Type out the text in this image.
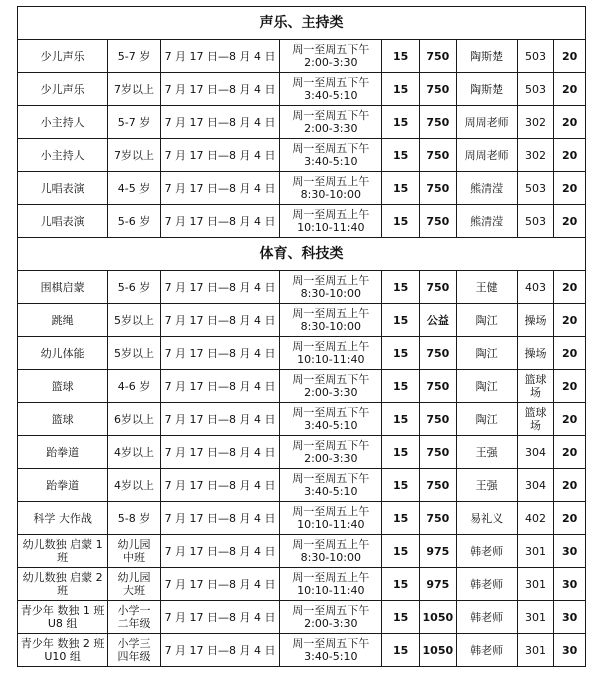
声乐、主持类								
少儿声乐	5-7 岁	7 月 17 日—8 月 4 日	周一至周五下午 2:00-3:30	15	750	陶斯楚	503	20
少儿声乐	7岁以上	7 月 17 日—8 月 4 日	周一至周五下午 3:40-5:10	15	750	陶斯楚	503	20
小主持人	5-7 岁	7 月 17 日—8 月 4 日	周一至周五下午 2:00-3:30	15	750	周周老师	302	20
小主持人	7岁以上	7 月 17 日—8 月 4 日	周一至周五下午 3:40-5:10	15	750	周周老师	302	20
儿唱表演	4-5 岁	7 月 17 日—8 月 4 日	周一至周五上午 8:30-10:00	15	750	熊清滢	503	20
儿唱表演	5-6 岁	7 月 17 日—8 月 4 日	周一至周五上午 10:10-11:40	15	750	熊清滢	503	20
体育、科技类								
围棋启蒙	5-6 岁	7 月 17 日—8 月 4 日	周一至周五上午 8:30-10:00	15	750	王健	403	20
跳绳	5岁以上	7 月 17 日—8 月 4 日	周一至周五上午 8:30-10:00	15	公益	陶江	操场	20
幼儿体能	5岁以上	7 月 17 日—8 月 4 日	周一至周五上午 10:10-11:40	15	750	陶江	操场	20
篮球	4-6 岁	7 月 17 日—8 月 4 日	周一至周五下午 2:00-3:30	15	750	陶江	篮球场	20
篮球	6岁以上	7 月 17 日—8 月 4 日	周一至周五下午 3:40-5:10	15	750	陶江	篮球场	20
跆拳道	4岁以上	7 月 17 日—8 月 4 日	周一至周五下午 2:00-3:30	15	750	王强	304	20
跆拳道	4岁以上	7 月 17 日—8 月 4 日	周一至周五下午 3:40-5:10	15	750	王强	304	20
科学 大作战	5-8 岁	7 月 17 日—8 月 4 日	周一至周五上午 10:10-11:40	15	750	易礼义	402	20
幼儿数独 启蒙 1 班	幼儿园 中班	7 月 17 日—8 月 4 日	周一至周五上午 8:30-10:00	15	975	韩老师	301	30
幼儿数独 启蒙 2 班	幼儿园 大班	7 月 17 日—8 月 4 日	周一至周五上午 10:10-11:40	15	975	韩老师	301	30
青少年 数独 1 班 U8 组	小学一 二年级	7 月 17 日—8 月 4 日	周一至周五下午 2:00-3:30	15	1050	韩老师	301	30
青少年 数独 2 班 U10 组	小学三 四年级	7 月 17 日—8 月 4 日	周一至周五下午 3:40-5:10	15	1050	韩老师	301	30
